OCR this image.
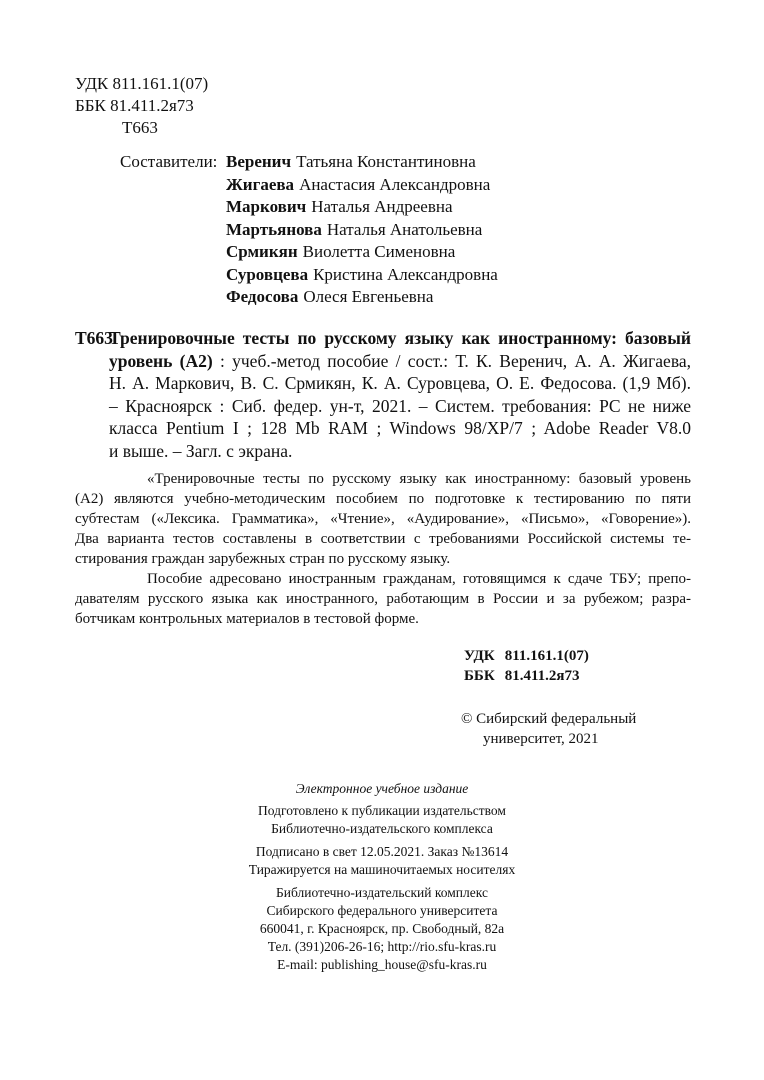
УДК 811.161.1(07)
ББК 81.411.2я73
Т663
Составители: Веренич Татьяна Константиновна
Жигаева Анастасия Александровна
Маркович Наталья Андреевна
Мартьянова Наталья Анатольевна
Срмикян Виолетта Сименовна
Суровцева Кристина Александровна
Федосова Олеся Евгеньевна
Т663
Тренировочные тесты по русскому языку как иностранному: базовый
уровень (А2) : учеб.-метод пособие / сост.: Т. К. Веренич, А. А. Жигаева,
Н. А. Маркович, В. С. Срмикян, К. А. Суровцева, О. Е. Федосова. (1,9 Мб).
– Красноярск : Сиб. федер. ун-т, 2021. – Систем. требования: PC не ниже
класса Pentium I ; 128 Mb RAM ; Windows 98/XP/7 ; Adobe Reader V8.0
и выше. – Загл. с экрана.
«Тренировочные тесты по русскому языку как иностранному: базовый уровень
(А2) являются учебно-методическим пособием по подготовке к тестированию по пяти
субтестам («Лексика. Грамматика», «Чтение», «Аудирование», «Письмо», «Говорение»).
Два варианта тестов составлены в соответствии с требованиями Российской системы те-
стирования граждан зарубежных стран по русскому языку.
Пособие адресовано иностранным гражданам, готовящимся к сдаче ТБУ; препо-
давателям русского языка как иностранного, работающим в России и за рубежом; разра-
ботчикам контрольных материалов в тестовой форме.
УДК 811.161.1(07)
ББК 81.411.2я73
© Сибирский федеральный
университет, 2021
Электронное учебное издание
Подготовлено к публикации издательством
Библиотечно-издательского комплекса
Подписано в свет 12.05.2021. Заказ №13614
Тиражируется на машиночитаемых носителях
Библиотечно-издательский комплекс
Сибирского федерального университета
660041, г. Красноярск, пр. Свободный, 82а
Тел. (391)206-26-16; http://rio.sfu-kras.ru
E-mail: publishing_house@sfu-kras.ru
